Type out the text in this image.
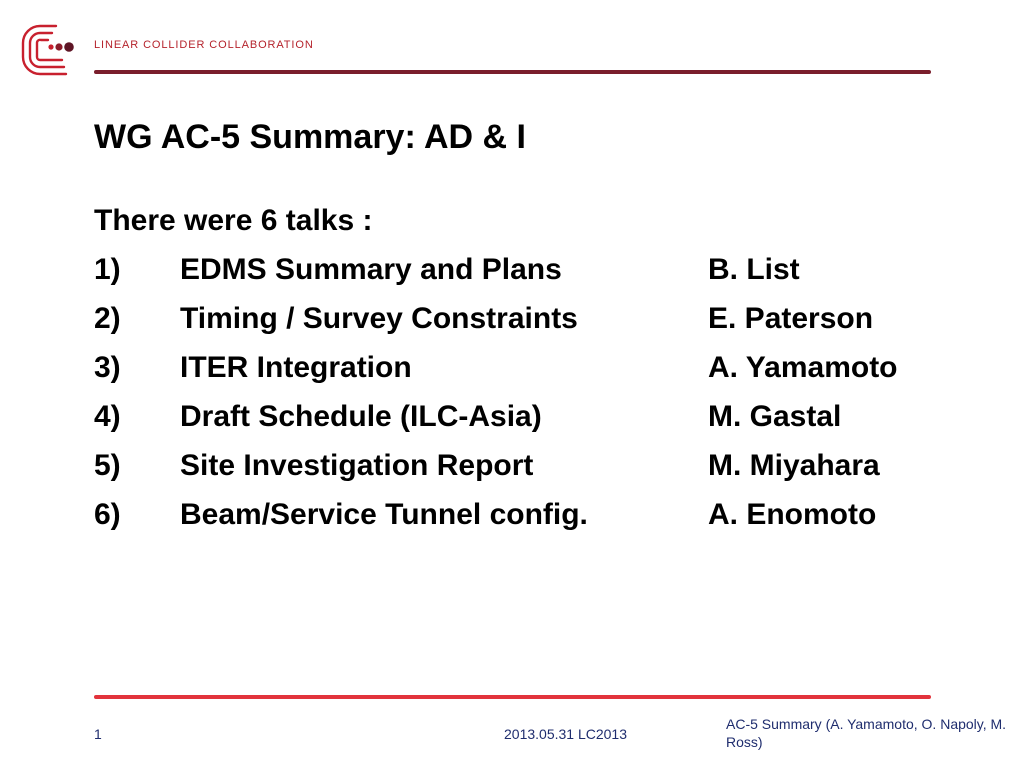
LINEAR COLLIDER COLLABORATION
WG AC-5 Summary: AD & I
There were 6 talks :
1) EDMS Summary and Plans	B. List
2) Timing / Survey Constraints	E. Paterson
3) ITER Integration	A. Yamamoto
4) Draft Schedule (ILC-Asia)	M. Gastal
5) Site Investigation Report	M. Miyahara
6) Beam/Service Tunnel config.	A. Enomoto
1	2013.05.31 LC2013
AC-5 Summary (A. Yamamoto, O. Napoly, M. Ross)
